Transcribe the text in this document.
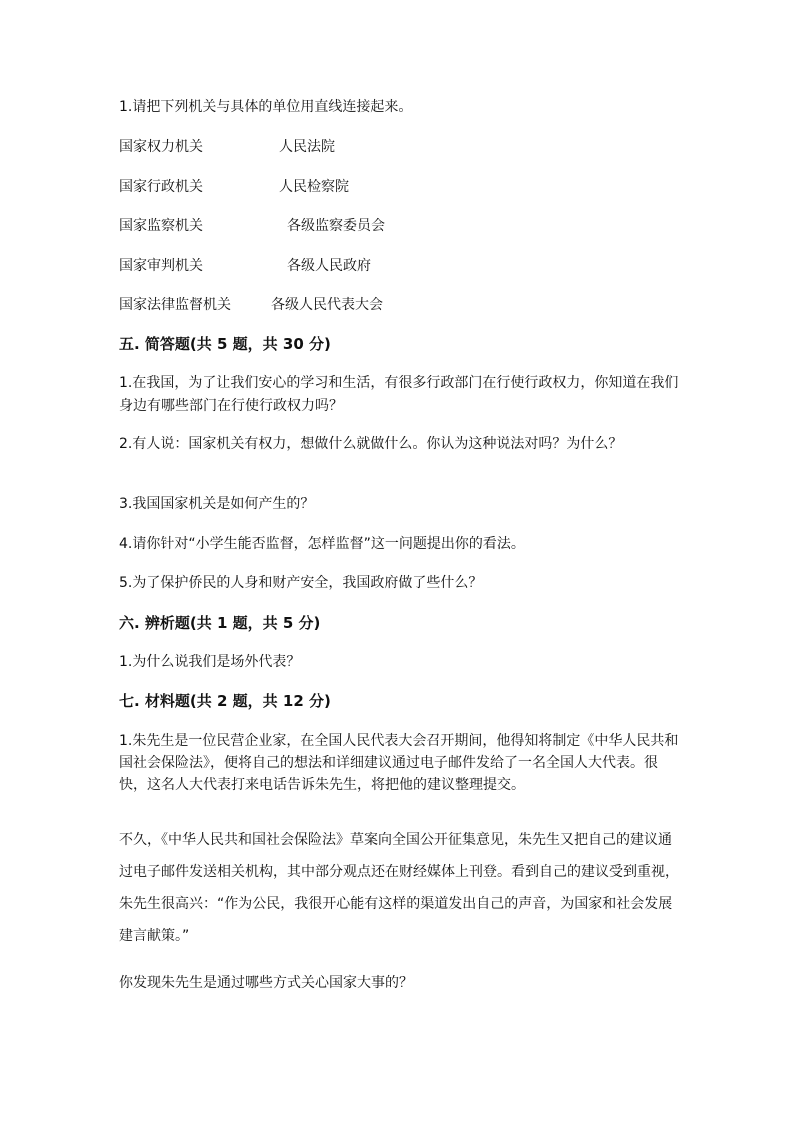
1.请把下列机关与具体的单位用直线连接起来。

国家权力机关	人民法院
国家行政机关	人民检察院
国家监察机关	各级监察委员会
国家审判机关	各级人民政府
国家法律监督机关	各级人民代表大会

五. 简答题(共 5 题，共 30 分)

1.在我国，为了让我们安心的学习和生活，有很多行政部门在行使行政权力，你知道在我们身边有哪些部门在行使行政权力吗？

2.有人说：国家机关有权力，想做什么就做什么。你认为这种说法对吗？为什么？

3.我国国家机关是如何产生的？

4.请你针对“小学生能否监督，怎样监督”这一问题提出你的看法。

5.为了保护侨民的人身和财产安全，我国政府做了些什么？

六. 辨析题(共 1 题，共 5 分)

1.为什么说我们是场外代表？

七. 材料题(共 2 题，共 12 分)

1.朱先生是一位民营企业家，在全国人民代表大会召开期间，他得知将制定《中华人民共和国社会保险法》，便将自己的想法和详细建议通过电子邮件发给了一名全国人大代表。很快，这名人大代表打来电话告诉朱先生，将把他的建议整理提交。

不久，《中华人民共和国社会保险法》草案向全国公开征集意见，朱先生又把自己的建议通过电子邮件发送相关机构，其中部分观点还在财经媒体上刊登。看到自己的建议受到重视，朱先生很高兴：“作为公民，我很开心能有这样的渠道发出自己的声音，为国家和社会发展建言献策。”

你发现朱先生是通过哪些方式关心国家大事的？
